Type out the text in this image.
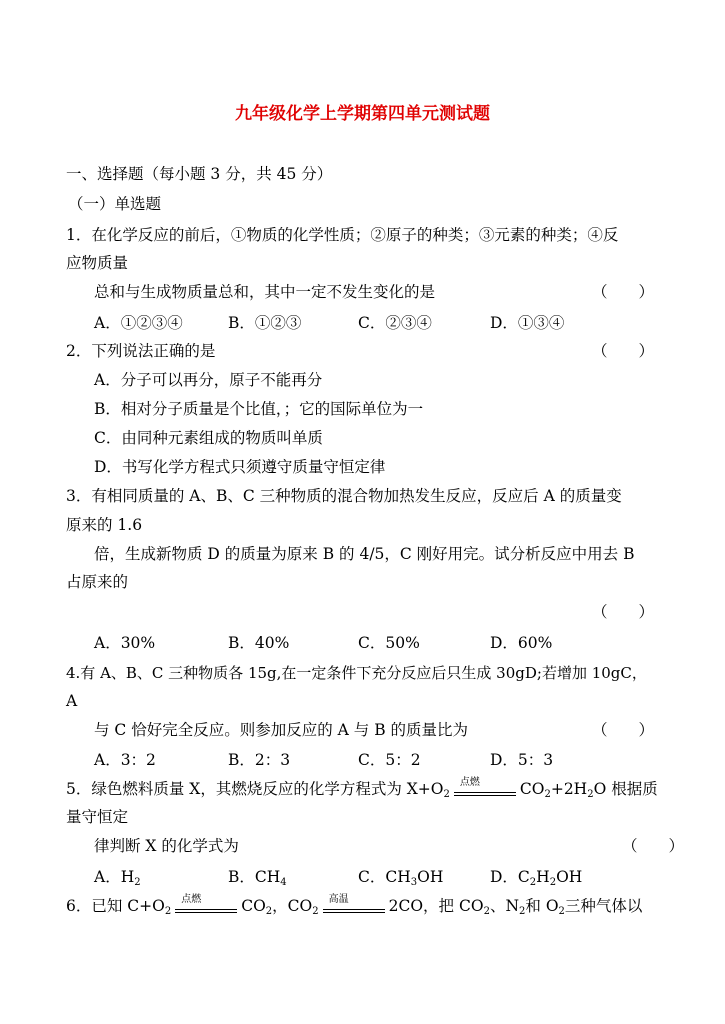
九年级化学上学期第四单元测试题
一、选择题（每小题 3 分，共 45 分）
（一）单选题
1．在化学反应的前后，①物质的化学性质；②原子的种类；③元素的种类；④反
应物质量
总和与生成物质量总和，其中一定不发生变化的是	（　　）
A．①②③④	B．①②③	C．②③④	D．①③④
2．下列说法正确的是	（　　）
A．分子可以再分，原子不能再分
B．相对分子质量是个比值，；它的国际单位为一
C．由同种元素组成的物质叫单质
D．书写化学方程式只须遵守质量守恒定律
3．有相同质量的 A、B、C 三种物质的混合物加热发生反应，反应后 A 的质量变
原来的 1.6
倍，生成新物质 D 的质量为原来 B 的 4/5，C 刚好用完。试分析反应中用去 B
占原来的
（　　）
A．30%	B．40%	C．50%	D．60%
4.有 A、B、C 三种物质各 15g,在一定条件下充分反应后只生成 30gD;若增加 10gC，
A
与 C 恰好完全反应。则参加反应的 A 与 B 的质量比为	（　　）
A．3：2	B．2：3	C．5：2	D．5：3
5．绿色燃料质量 X，其燃烧反应的化学方程式为 $X+O_2$
点燃	$CO_2+2H_2O$ 根据质
量守恒定
律判断 X 的化学式为	（　　）
A．$H_2$	B．$CH_4$	C．$CH_3OH$	D．$C_2H_2OH$
6．已知 $C+O_2$
点燃	$CO_2$，$CO_2$
高温	2CO，把 $CO_2$、$N_2$和 $O_2$三种气体以
